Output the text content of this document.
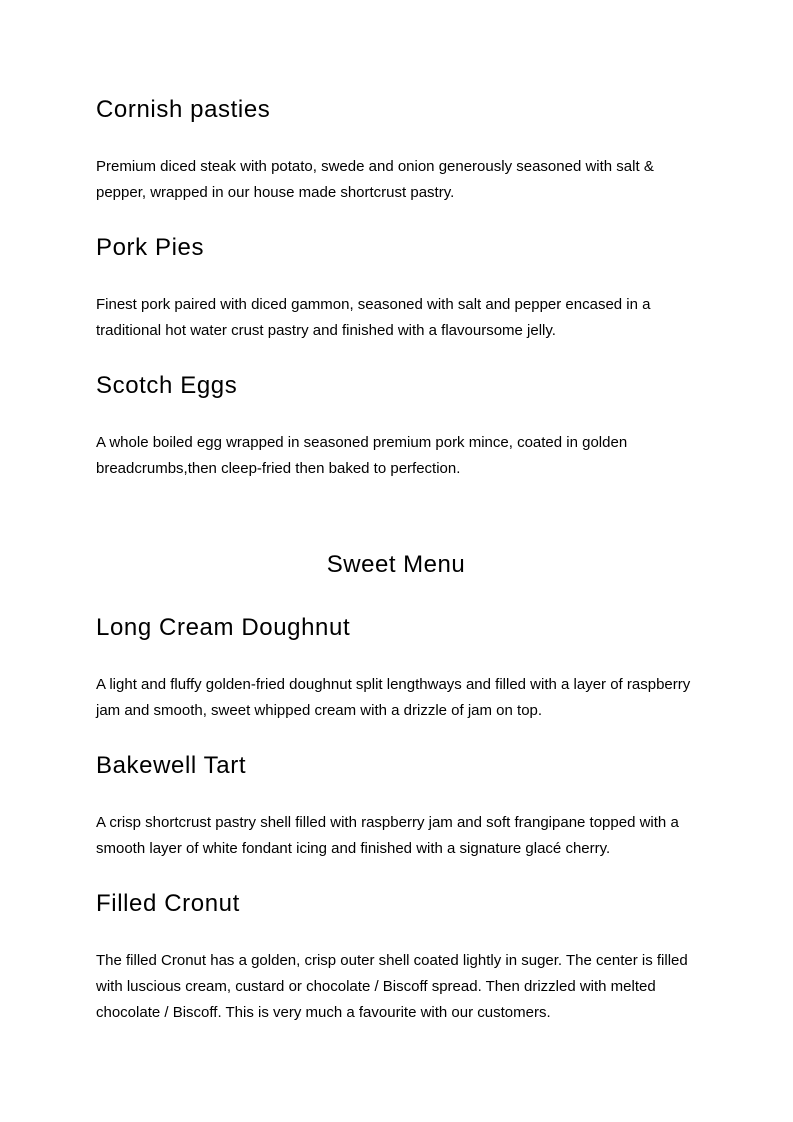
Cornish pasties

Premium diced steak with potato, swede and onion generously seasoned with salt & pepper, wrapped in our house made shortcrust pastry.

Pork Pies

Finest pork paired with diced gammon, seasoned with salt and pepper encased in a traditional hot water crust pastry and finished with a flavoursome jelly.

Scotch Eggs

A whole boiled egg wrapped in seasoned premium pork mince, coated in golden breadcrumbs,then cleep-fried then baked to perfection.

Sweet Menu
Long Cream Doughnut

A light and fluffy golden-fried doughnut split lengthways and filled with a layer of raspberry jam and smooth, sweet whipped cream with a drizzle of jam on top.

Bakewell Tart

A crisp shortcrust pastry shell filled with raspberry jam and soft frangipane topped with a smooth layer of white fondant icing and finished with a signature glacé cherry.

Filled Cronut

The filled Cronut has a golden, crisp outer shell coated lightly in suger. The center is filled with luscious cream, custard or chocolate / Biscoff spread. Then drizzled with melted chocolate / Biscoff. This is very much a favourite with our customers.
